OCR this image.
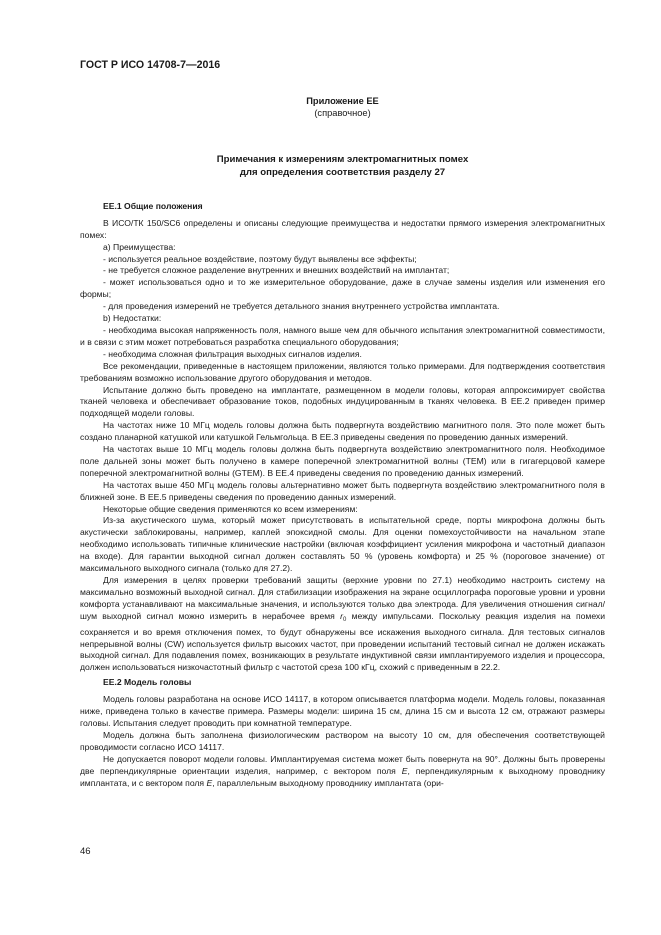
ГОСТ Р ИСО 14708-7—2016
Приложение ЕЕ
(справочное)
Примечания к измерениям электромагнитных помех
для определения соответствия разделу 27
ЕЕ.1 Общие положения

В ИСО/ТК 150/SC6 определены и описаны следующие преимущества и недостатки прямого измерения электромагнитных помех:

а) Преимущества:
- используется реальное воздействие, поэтому будут выявлены все эффекты;
- не требуется сложное разделение внутренних и внешних воздействий на имплантат;
- может использоваться одно и то же измерительное оборудование, даже в случае замены изделия или изменения его формы;
- для проведения измерений не требуется детального знания внутреннего устройства имплантата.
b) Недостатки:
- необходима высокая напряженность поля, намного выше чем для обычного испытания электромагнитной совместимости, и в связи с этим может потребоваться разработка специального оборудования;
- необходима сложная фильтрация выходных сигналов изделия.

Все рекомендации, приведенные в настоящем приложении, являются только примерами. Для подтверждения соответствия требованиям возможно использование другого оборудования и методов.

Испытание должно быть проведено на имплантате, размещенном в модели головы, которая аппроксимирует свойства тканей человека и обеспечивает образование токов, подобных индуцированным в тканях человека. В ЕЕ.2 приведен пример подходящей модели головы.

На частотах ниже 10 МГц модель головы должна быть подвергнута воздействию магнитного поля. Это поле может быть создано планарной катушкой или катушкой Гельмгольца. В ЕЕ.3 приведены сведения по проведению данных измерений.

На частотах выше 10 МГц модель головы должна быть подвергнута воздействию электромагнитного поля. Необходимое поле дальней зоны может быть получено в камере поперечной электромагнитной волны (ТЕМ) или в гигагерцовой камере поперечной электромагнитной волны (GTEM). В ЕЕ.4 приведены сведения по проведению данных измерений.

На частотах выше 450 МГц модель головы альтернативно может быть подвергнута воздействию электромагнитного поля в ближней зоне. В ЕЕ.5 приведены сведения по проведению данных измерений.

Некоторые общие сведения применяются ко всем измерениям:

Из-за акустического шума, который может присутствовать в испытательной среде, порты микрофона должны быть акустически заблокированы, например, каплей эпоксидной смолы. Для оценки помехоустойчивости на начальном этапе необходимо использовать типичные клинические настройки (включая коэффициент усиления микрофона и частотный диапазон на входе). Для гарантии выходной сигнал должен составлять 50 % (уровень комфорта) и 25 % (пороговое значение) от максимального выходного сигнала (только для 27.2).

Для измерения в целях проверки требований защиты (верхние уровни по 27.1) необходимо настроить систему на максимально возможный выходной сигнал. Для стабилизации изображения на экране осциллографа пороговые уровни и уровни комфорта устанавливают на максимальные значения, и используются только два электрода. Для увеличения отношения сигнал/шум выходной сигнал можно измерить в нерабочее время $r_0$ между импульсами. Поскольку реакция изделия на помехи сохраняется и во время отключения помех, то будут обнаружены все искажения выходного сигнала. Для тестовых сигналов непрерывной волны (CW) используется фильтр высоких частот, при проведении испытаний тестовый сигнал не должен искажать выходной сигнал. Для подавления помех, возникающих в результате индуктивной связи имплантируемого изделия и процессора, должен использоваться низкочастотный фильтр с частотой среза 100 кГц, схожий с приведенным в 22.2.

ЕЕ.2 Модель головы

Модель головы разработана на основе ИСО 14117, в котором описывается платформа модели. Модель головы, показанная ниже, приведена только в качестве примера. Размеры модели: ширина 15 см, длина 15 см и высота 12 см, отражают размеры головы. Испытания следует проводить при комнатной температуре.

Модель должна быть заполнена физиологическим раствором на высоту 10 см, для обеспечения соответствующей проводимости согласно ИСО 14117.

Не допускается поворот модели головы. Имплантируемая система может быть повернута на 90°. Должны быть проверены две перпендикулярные ориентации изделия, например, с вектором поля E, перпендикулярным к выходному проводнику имплантата, и с вектором поля E, параллельным выходному проводнику имплантата (ори-

46
